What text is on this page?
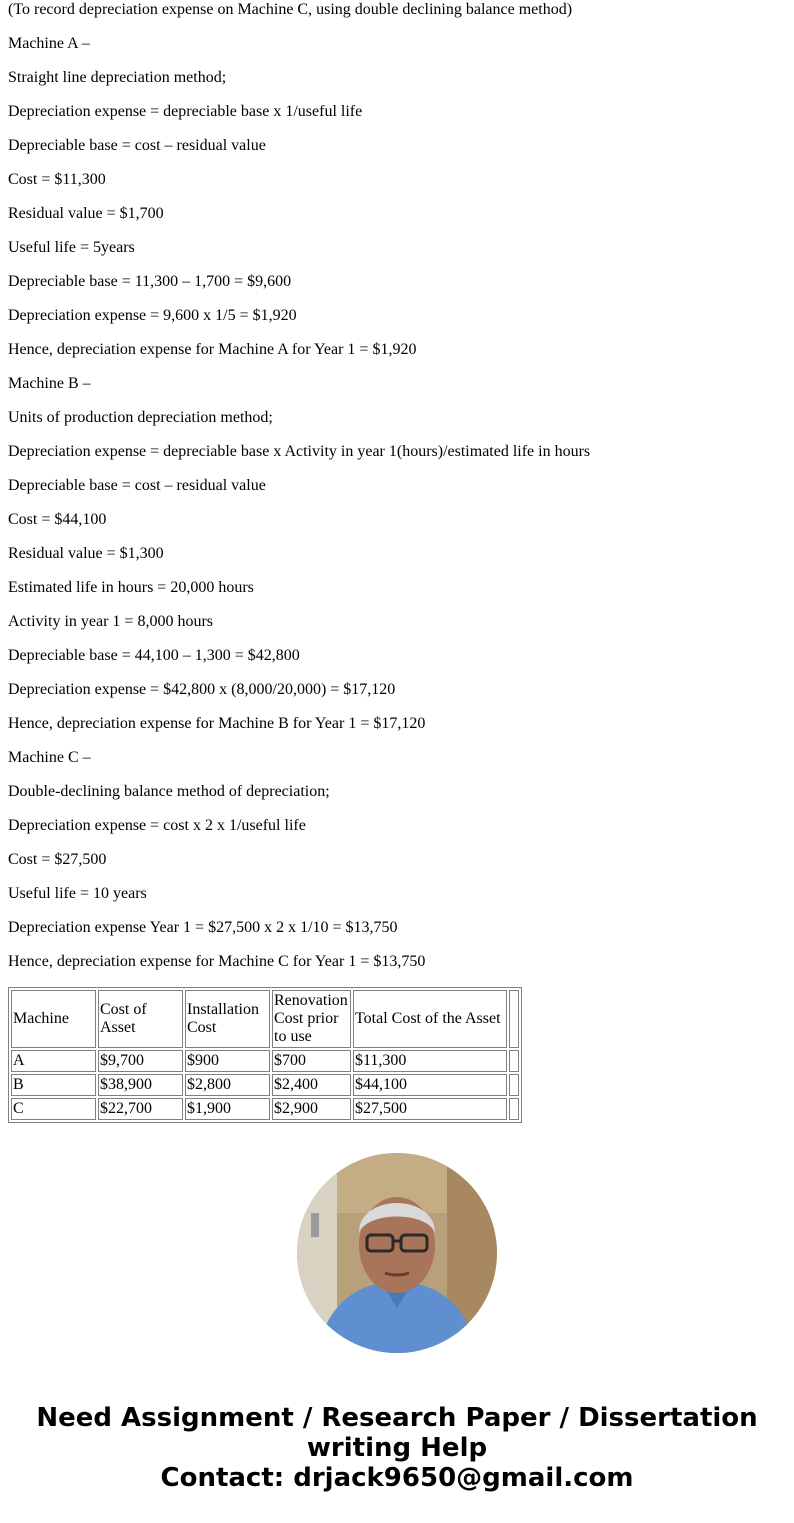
(To record depreciation expense on Machine C, using double declining balance method)

Machine A –

Straight line depreciation method;

Depreciation expense = depreciable base x 1/useful life

Depreciable base = cost – residual value

Cost = $11,300

Residual value = $1,700

Useful life = 5years

Depreciable base = 11,300 – 1,700 = $9,600

Depreciation expense = 9,600 x 1/5 = $1,920

Hence, depreciation expense for Machine A for Year 1 = $1,920

Machine B –

Units of production depreciation method;

Depreciation expense = depreciable base x Activity in year 1(hours)/estimated life in hours

Depreciable base = cost – residual value

Cost = $44,100

Residual value = $1,300

Estimated life in hours = 20,000 hours

Activity in year 1 = 8,000 hours

Depreciable base = 44,100 – 1,300 = $42,800

Depreciation expense = $42,800 x (8,000/20,000) = $17,120

Hence, depreciation expense for Machine B for Year 1 = $17,120

Machine C –

Double-declining balance method of depreciation;

Depreciation expense = cost x 2 x 1/useful life

Cost = $27,500

Useful life = 10 years

Depreciation expense Year 1 = $27,500 x 2 x 1/10 = $13,750

Hence, depreciation expense for Machine C for Year 1 = $13,750

Machine	Cost of Asset	Installation Cost	Renovation Cost prior to use	Total Cost of the Asset	
A	$9,700	$900	$700	$11,300	
B	$38,900	$2,800	$2,400	$44,100	
C	$22,700	$1,900	$2,900	$27,500	
Need Assignment / Research Paper / Dissertation
writing Help
Contact: drjack9650@gmail.com
